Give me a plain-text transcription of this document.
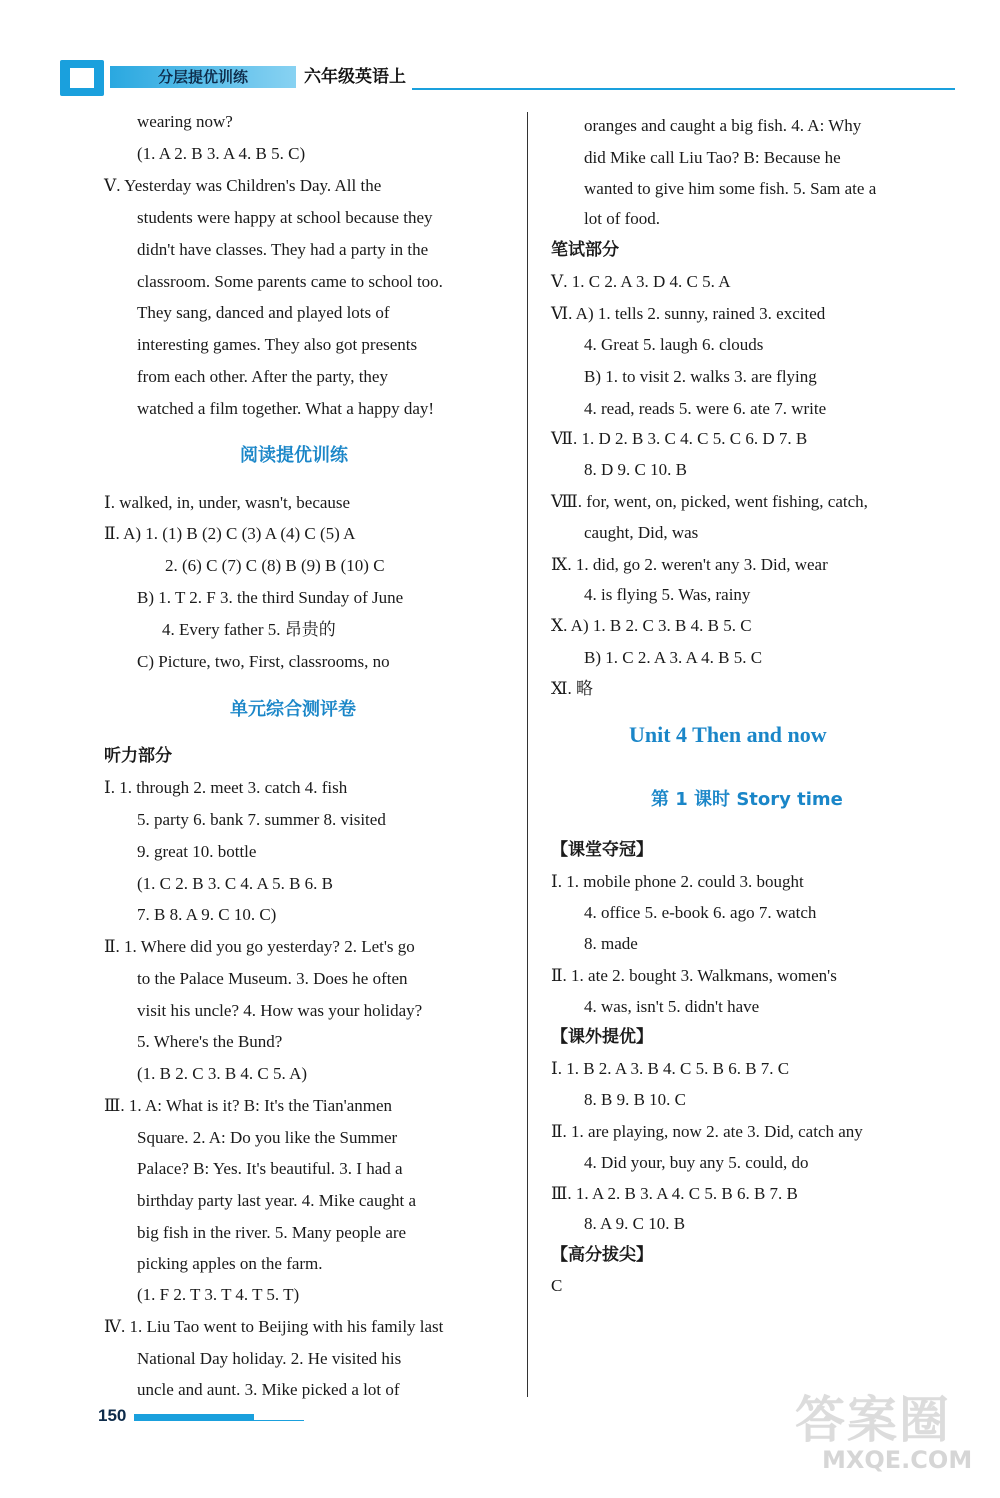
分层提优训练	六年级英语上
wearing now?
(1. A 2. B 3. A 4. B 5. C)
Ⅴ. Yesterday was Children's Day. All the
students were happy at school because they
didn't have classes. They had a party in the
classroom. Some parents came to school too.
They sang, danced and played lots of
interesting games. They also got presents
from each other. After the party, they
watched a film together. What a happy day!
阅读提优训练
Ⅰ. walked, in, under, wasn't, because
Ⅱ. A) 1. (1) B (2) C (3) A (4) C (5) A
2. (6) C (7) C (8) B (9) B (10) C
B) 1. T 2. F 3. the third Sunday of June
4. Every father 5. 昂贵的
C) Picture, two, First, classrooms, no
单元综合测评卷
听力部分
Ⅰ. 1. through 2. meet 3. catch 4. fish
5. party 6. bank 7. summer 8. visited
9. great 10. bottle
(1. C 2. B 3. C 4. A 5. B 6. B
7. B 8. A 9. C 10. C)
Ⅱ. 1. Where did you go yesterday? 2. Let's go
to the Palace Museum. 3. Does he often
visit his uncle? 4. How was your holiday?
5. Where's the Bund?
(1. B 2. C 3. B 4. C 5. A)
Ⅲ. 1. A: What is it? B: It's the Tian'anmen
Square. 2. A: Do you like the Summer
Palace? B: Yes. It's beautiful. 3. I had a
birthday party last year. 4. Mike caught a
big fish in the river. 5. Many people are
picking apples on the farm.
(1. F 2. T 3. T 4. T 5. T)
Ⅳ. 1. Liu Tao went to Beijing with his family last
National Day holiday. 2. He visited his
uncle and aunt. 3. Mike picked a lot of
oranges and caught a big fish. 4. A: Why
did Mike call Liu Tao? B: Because he
wanted to give him some fish. 5. Sam ate a
lot of food.
笔试部分
Ⅴ. 1. C 2. A 3. D 4. C 5. A
Ⅵ. A) 1. tells 2. sunny, rained 3. excited
4. Great 5. laugh 6. clouds
B) 1. to visit 2. walks 3. are flying
4. read, reads 5. were 6. ate 7. write
Ⅶ. 1. D 2. B 3. C 4. C 5. C 6. D 7. B
8. D 9. C 10. B
Ⅷ. for, went, on, picked, went fishing, catch,
caught, Did, was
Ⅸ. 1. did, go 2. weren't any 3. Did, wear
4. is flying 5. Was, rainy
Ⅹ. A) 1. B 2. C 3. B 4. B 5. C
B) 1. C 2. A 3. A 4. B 5. C
Ⅺ. 略
Unit 4 Then and now
第 1 课时 Story time
【课堂夺冠】
Ⅰ. 1. mobile phone 2. could 3. bought
4. office 5. e-book 6. ago 7. watch
8. made
Ⅱ. 1. ate 2. bought 3. Walkmans, women's
4. was, isn't 5. didn't have
【课外提优】
Ⅰ. 1. B 2. A 3. B 4. C 5. B 6. B 7. C
8. B 9. B 10. C
Ⅱ. 1. are playing, now 2. ate 3. Did, catch any
4. Did your, buy any 5. could, do
Ⅲ. 1. A 2. B 3. A 4. C 5. B 6. B 7. B
8. A 9. C 10. B
【高分拔尖】
C
150	答案圈
MXQE.COM
